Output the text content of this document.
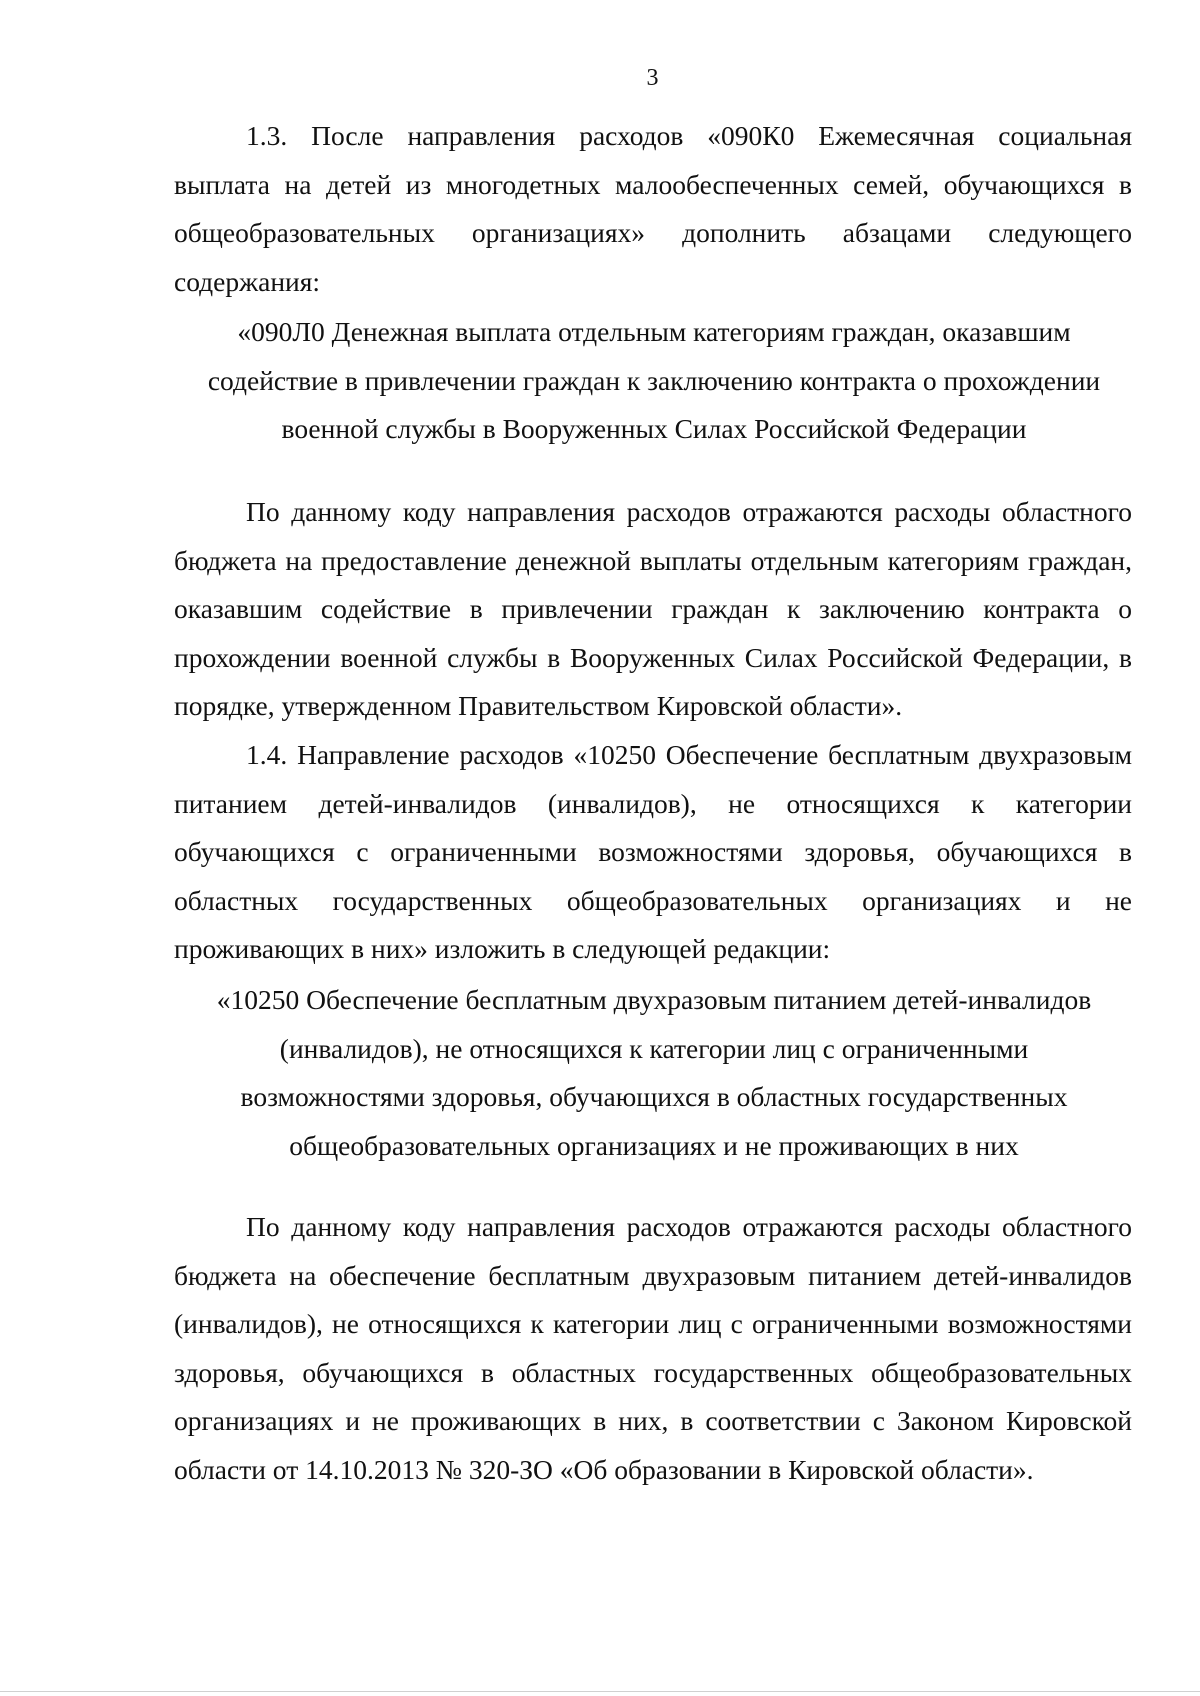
3

1.3. После направления расходов «090К0 Ежемесячная социальная выплата на детей из многодетных малообеспеченных семей, обучающихся в общеобразовательных организациях» дополнить абзацами следующего содержания:

«090Л0 Денежная выплата отдельным категориям граждан, оказавшим
содействие в привлечении граждан к заключению контракта о прохождении
военной службы в Вооруженных Силах Российской Федерации

По данному коду направления расходов отражаются расходы областного бюджета на предоставление денежной выплаты отдельным категориям граждан, оказавшим содействие в привлечении граждан к заключению контракта о прохождении военной службы в Вооруженных Силах Российской Федерации, в порядке, утвержденном Правительством Кировской области».

1.4. Направление расходов «10250 Обеспечение бесплатным двухразовым питанием детей-инвалидов (инвалидов), не относящихся к категории обучающихся с ограниченными возможностями здоровья, обучающихся в областных государственных общеобразовательных организациях и не проживающих в них» изложить в следующей редакции:

«10250 Обеспечение бесплатным двухразовым питанием детей-инвалидов
(инвалидов), не относящихся к категории лиц с ограниченными
возможностями здоровья, обучающихся в областных государственных
общеобразовательных организациях и не проживающих в них

По данному коду направления расходов отражаются расходы областного бюджета на обеспечение бесплатным двухразовым питанием детей-инвалидов (инвалидов), не относящихся к категории лиц с ограниченными возможностями здоровья, обучающихся в областных государственных общеобразовательных организациях и не проживающих в них, в соответствии с Законом Кировской области от 14.10.2013 № 320-ЗО «Об образовании в Кировской области».
